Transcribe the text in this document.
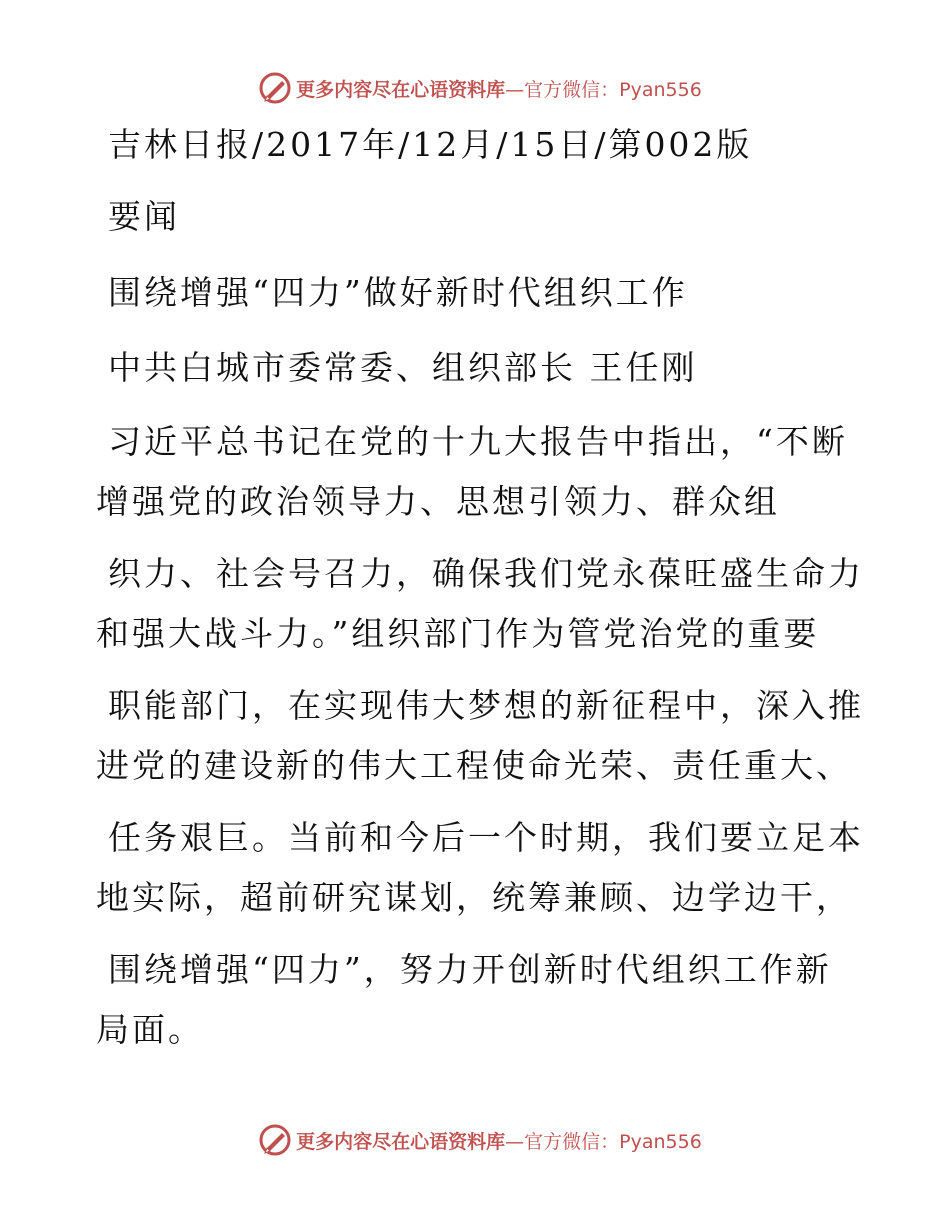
更多内容尽在心语资料库—官方微信：Pyan556
吉林日报/2017年/12月/15日/第002版
要闻
围绕增强“四力”做好新时代组织工作
中共白城市委常委、组织部长 王任刚
习近平总书记在党的十九大报告中指出，“不断
增强党的政治领导力、思想引领力、群众组
织力、社会号召力，确保我们党永葆旺盛生命力
和强大战斗力。”组织部门作为管党治党的重要
职能部门，在实现伟大梦想的新征程中，深入推
进党的建设新的伟大工程使命光荣、责任重大、
任务艰巨。当前和今后一个时期，我们要立足本
地实际，超前研究谋划，统筹兼顾、边学边干，
围绕增强“四力”，努力开创新时代组织工作新
局面。
更多内容尽在心语资料库—官方微信：Pyan556
